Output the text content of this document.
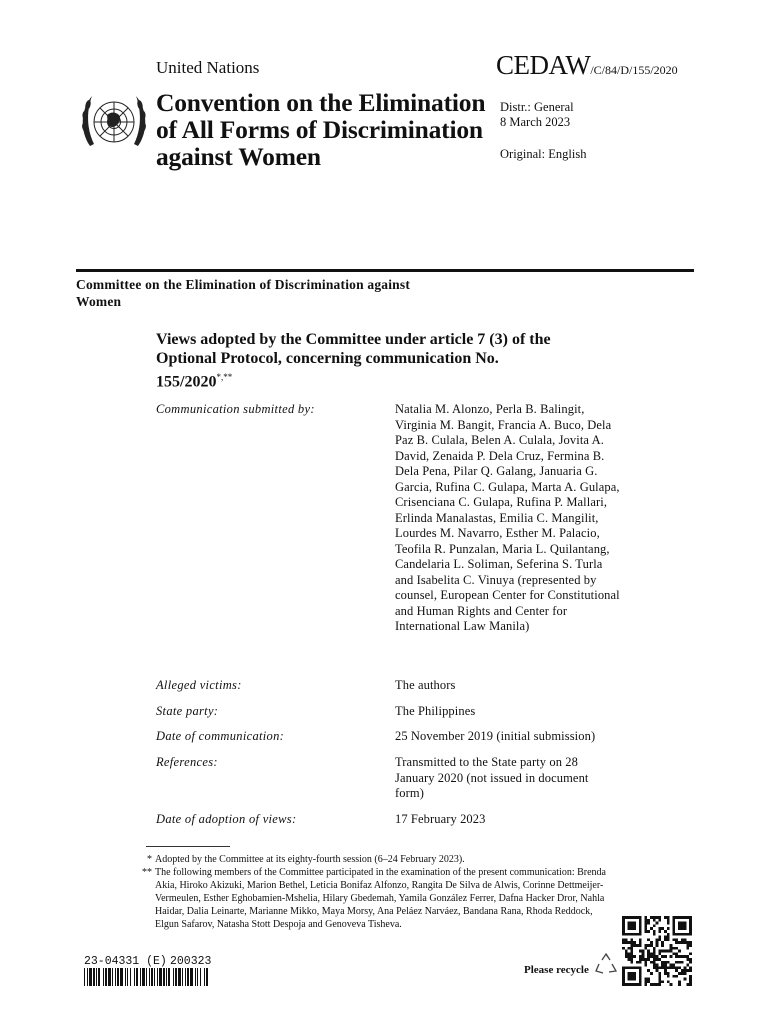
United Nations	CEDAW/C/84/D/155/2020
Convention on the Elimination of All Forms of Discrimination against Women
Distr.: General
8 March 2023
Original: English
Committee on the Elimination of Discrimination against Women
Views adopted by the Committee under article 7 (3) of the Optional Protocol, concerning communication No. 155/2020*,**
Communication submitted by:	Natalia M. Alonzo, Perla B. Balingit, Virginia M. Bangit, Francia A. Buco, Dela Paz B. Culala, Belen A. Culala, Jovita A. David, Zenaida P. Dela Cruz, Fermina B. Dela Pena, Pilar Q. Galang, Januaria G. Garcia, Rufina C. Gulapa, Marta A. Gulapa, Crisenciana C. Gulapa, Rufina P. Mallari, Erlinda Manalastas, Emilia C. Mangilit, Lourdes M. Navarro, Esther M. Palacio, Teofila R. Punzalan, Maria L. Quilantang, Candelaria L. Soliman, Seferina S. Turla and Isabelita C. Vinuya (represented by counsel, European Center for Constitutional and Human Rights and Center for International Law Manila)
Alleged victims:	The authors
State party:	The Philippines
Date of communication:	25 November 2019 (initial submission)
References:	Transmitted to the State party on 28 January 2020 (not issued in document form)
Date of adoption of views:	17 February 2023
* Adopted by the Committee at its eighty-fourth session (6–24 February 2023).
** The following members of the Committee participated in the examination of the present communication: Brenda Akia, Hiroko Akizuki, Marion Bethel, Leticia Bonifaz Alfonzo, Rangita De Silva de Alwis, Corinne Dettmeijer-Vermeulen, Esther Eghobamien-Mshelia, Hilary Gbedemah, Yamila González Ferrer, Dafna Hacker Dror, Nahla Haidar, Dalia Leinarte, Marianne Mikko, Maya Morsy, Ana Peláez Narváez, Bandana Rana, Rhoda Reddock, Elgun Safarov, Natasha Stott Despoja and Genoveva Tisheva.
23-04331 (E) 200323
Please recycle
